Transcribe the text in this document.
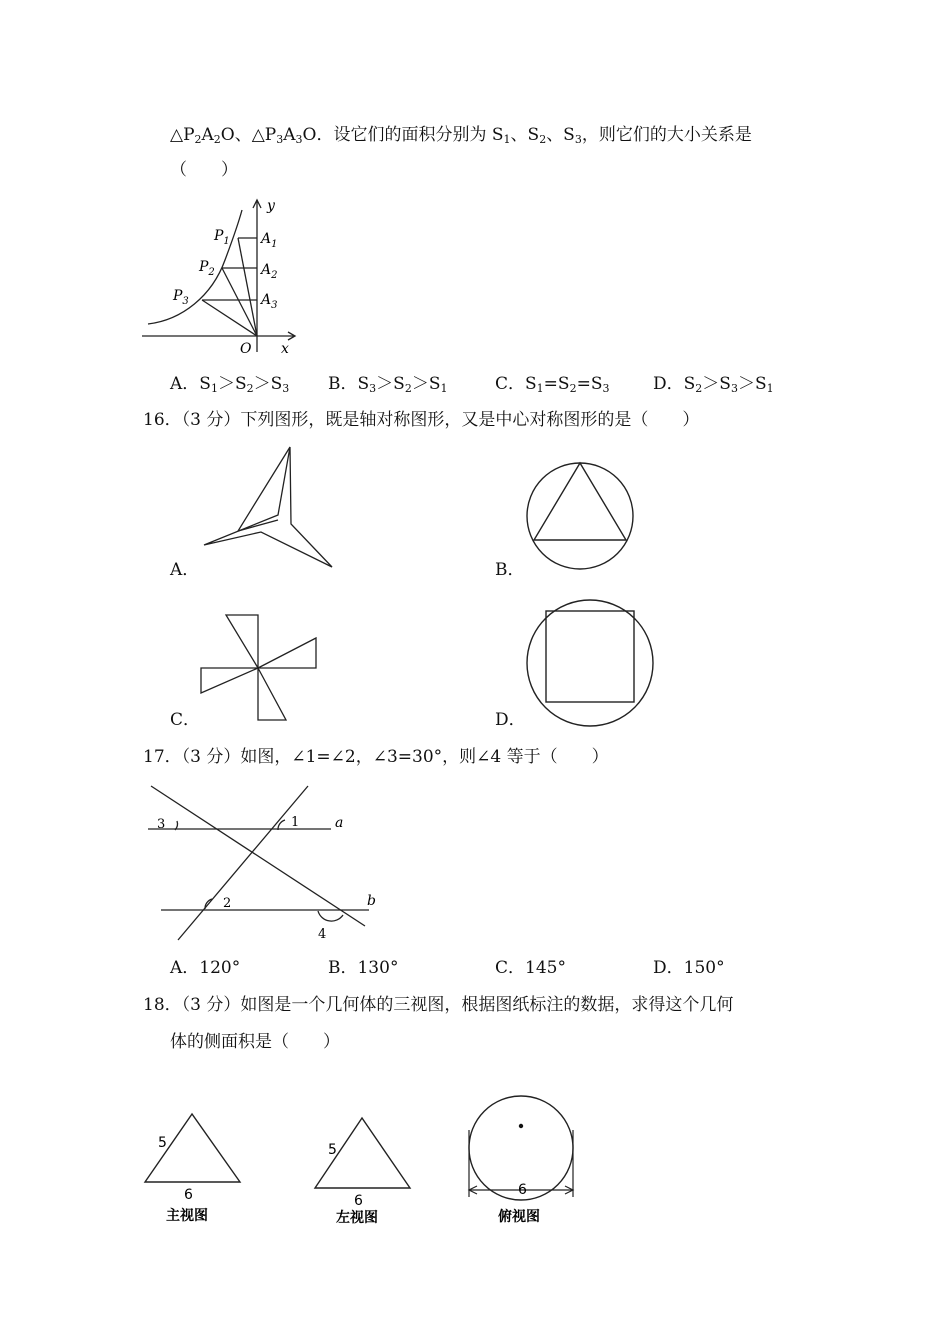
$\triangle P_2A_2O$、$\triangle P_3A_3O$．设它们的面积分别为 $S_1$、$S_2$、$S_3$，则它们的大小关系是
（　　）
y
x
O
$P_1$
$P_2$
$P_3$
$A_1$
$A_2$
$A_3$
A．$S_1>S_2>S_3$ B．$S_3>S_2>S_1$	C．$S_1=S_2=S_3$	D．$S_2>S_3>S_1$
16．（3 分）下列图形，既是轴对称图形，又是中心对称图形的是（　　）
A．	B．
C．	D．
17．（3 分）如图，∠1=∠2，∠3=30°，则∠4 等于（　　）
3	1
2
4
a
b
A．120°	B．130°	C．145°	D．150°
18．（3 分）如图是一个几何体的三视图，根据图纸标注的数据，求得这个几何
体的侧面积是（　　）
5
6
主视图
5
6
左视图
6
俯视图
